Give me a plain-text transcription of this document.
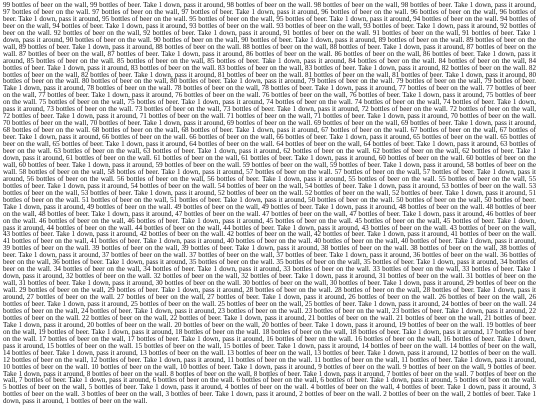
99 bottles of beer on the wall, 99 bottles of beer. Take 1 down, pass it around, 98 bottles of beer on the wall. 98 bottles of beer on the wall, 98 bottles of beer. Take 1 down, pass it around, 97 bottles of beer on the wall. 97 bottles of beer on the wall, 97 bottles of beer. Take 1 down, pass it around, 96 bottles of beer on the wall. 96 bottles of beer on the wall, 96 bottles of beer. Take 1 down, pass it around, 95 bottles of beer on the wall. 95 bottles of beer on the wall, 95 bottles of beer. Take 1 down, pass it around, 94 bottles of beer on the wall. 94 bottles of beer on the wall, 94 bottles of beer. Take 1 down, pass it around, 93 bottles of beer on the wall. 93 bottles of beer on the wall, 93 bottles of beer. Take 1 down, pass it around, 92 bottles of beer on the wall. 92 bottles of beer on the wall, 92 bottles of beer. Take 1 down, pass it around, 91 bottles of beer on the wall. 91 bottles of beer on the wall, 91 bottles of beer. Take 1 down, pass it around, 90 bottles of beer on the wall. 90 bottles of beer on the wall, 90 bottles of beer. Take 1 down, pass it around, 89 bottles of beer on the wall. 89 bottles of beer on the wall, 89 bottles of beer. Take 1 down, pass it around, 88 bottles of beer on the wall. 88 bottles of beer on the wall, 88 bottles of beer. Take 1 down, pass it around, 87 bottles of beer on the wall. 87 bottles of beer on the wall, 87 bottles of beer. Take 1 down, pass it around, 86 bottles of beer on the wall. 86 bottles of beer on the wall, 86 bottles of beer. Take 1 down, pass it around, 85 bottles of beer on the wall. 85 bottles of beer on the wall, 85 bottles of beer. Take 1 down, pass it around, 84 bottles of beer on the wall. 84 bottles of beer on the wall, 84 bottles of beer. Take 1 down, pass it around, 83 bottles of beer on the wall. 83 bottles of beer on the wall, 83 bottles of beer. Take 1 down, pass it around, 82 bottles of beer on the wall. 82 bottles of beer on the wall, 82 bottles of beer. Take 1 down, pass it around, 81 bottles of beer on the wall. 81 bottles of beer on the wall, 81 bottles of beer. Take 1 down, pass it around, 80 bottles of beer on the wall. 80 bottles of beer on the wall, 80 bottles of beer. Take 1 down, pass it around, 79 bottles of beer on the wall. 79 bottles of beer on the wall, 79 bottles of beer. Take 1 down, pass it around, 78 bottles of beer on the wall. 78 bottles of beer on the wall, 78 bottles of beer. Take 1 down, pass it around, 77 bottles of beer on the wall. 77 bottles of beer on the wall, 77 bottles of beer. Take 1 down, pass it around, 76 bottles of beer on the wall. 76 bottles of beer on the wall, 76 bottles of beer. Take 1 down, pass it around, 75 bottles of beer on the wall. 75 bottles of beer on the wall, 75 bottles of beer. Take 1 down, pass it around, 74 bottles of beer on the wall. 74 bottles of beer on the wall, 74 bottles of beer. Take 1 down, pass it around, 73 bottles of beer on the wall. 73 bottles of beer on the wall, 73 bottles of beer. Take 1 down, pass it around, 72 bottles of beer on the wall. 72 bottles of beer on the wall, 72 bottles of beer. Take 1 down, pass it around, 71 bottles of beer on the wall. 71 bottles of beer on the wall, 71 bottles of beer. Take 1 down, pass it around, 70 bottles of beer on the wall. 70 bottles of beer on the wall, 70 bottles of beer. Take 1 down, pass it around, 69 bottles of beer on the wall. 69 bottles of beer on the wall, 69 bottles of beer. Take 1 down, pass it around, 68 bottles of beer on the wall. 68 bottles of beer on the wall, 68 bottles of beer. Take 1 down, pass it around, 67 bottles of beer on the wall. 67 bottles of beer on the wall, 67 bottles of beer. Take 1 down, pass it around, 66 bottles of beer on the wall. 66 bottles of beer on the wall, 66 bottles of beer. Take 1 down, pass it around, 65 bottles of beer on the wall. 65 bottles of beer on the wall, 65 bottles of beer. Take 1 down, pass it around, 64 bottles of beer on the wall. 64 bottles of beer on the wall, 64 bottles of beer. Take 1 down, pass it around, 63 bottles of beer on the wall. 63 bottles of beer on the wall, 63 bottles of beer. Take 1 down, pass it around, 62 bottles of beer on the wall. 62 bottles of beer on the wall, 62 bottles of beer. Take 1 down, pass it around, 61 bottles of beer on the wall. 61 bottles of beer on the wall, 61 bottles of beer. Take 1 down, pass it around, 60 bottles of beer on the wall. 60 bottles of beer on the wall, 60 bottles of beer. Take 1 down, pass it around, 59 bottles of beer on the wall. 59 bottles of beer on the wall, 59 bottles of beer. Take 1 down, pass it around, 58 bottles of beer on the wall. 58 bottles of beer on the wall, 58 bottles of beer. Take 1 down, pass it around, 57 bottles of beer on the wall. 57 bottles of beer on the wall, 57 bottles of beer. Take 1 down, pass it around, 56 bottles of beer on the wall. 56 bottles of beer on the wall, 56 bottles of beer. Take 1 down, pass it around, 55 bottles of beer on the wall. 55 bottles of beer on the wall, 55 bottles of beer. Take 1 down, pass it around, 54 bottles of beer on the wall. 54 bottles of beer on the wall, 54 bottles of beer. Take 1 down, pass it around, 53 bottles of beer on the wall. 53 bottles of beer on the wall, 53 bottles of beer. Take 1 down, pass it around, 52 bottles of beer on the wall. 52 bottles of beer on the wall, 52 bottles of beer. Take 1 down, pass it around, 51 bottles of beer on the wall. 51 bottles of beer on the wall, 51 bottles of beer. Take 1 down, pass it around, 50 bottles of beer on the wall. 50 bottles of beer on the wall, 50 bottles of beer. Take 1 down, pass it around, 49 bottles of beer on the wall. 49 bottles of beer on the wall, 49 bottles of beer. Take 1 down, pass it around, 48 bottles of beer on the wall. 48 bottles of beer on the wall, 48 bottles of beer. Take 1 down, pass it around, 47 bottles of beer on the wall. 47 bottles of beer on the wall, 47 bottles of beer. Take 1 down, pass it around, 46 bottles of beer on the wall. 46 bottles of beer on the wall, 46 bottles of beer. Take 1 down, pass it around, 45 bottles of beer on the wall. 45 bottles of beer on the wall, 45 bottles of beer. Take 1 down, pass it around, 44 bottles of beer on the wall. 44 bottles of beer on the wall, 44 bottles of beer. Take 1 down, pass it around, 43 bottles of beer on the wall. 43 bottles of beer on the wall, 43 bottles of beer. Take 1 down, pass it around, 42 bottles of beer on the wall. 42 bottles of beer on the wall, 42 bottles of beer. Take 1 down, pass it around, 41 bottles of beer on the wall. 41 bottles of beer on the wall, 41 bottles of beer. Take 1 down, pass it around, 40 bottles of beer on the wall. 40 bottles of beer on the wall, 40 bottles of beer. Take 1 down, pass it around, 39 bottles of beer on the wall. 39 bottles of beer on the wall, 39 bottles of beer. Take 1 down, pass it around, 38 bottles of beer on the wall. 38 bottles of beer on the wall, 38 bottles of beer. Take 1 down, pass it around, 37 bottles of beer on the wall. 37 bottles of beer on the wall, 37 bottles of beer. Take 1 down, pass it around, 36 bottles of beer on the wall. 36 bottles of beer on the wall, 36 bottles of beer. Take 1 down, pass it around, 35 bottles of beer on the wall. 35 bottles of beer on the wall, 35 bottles of beer. Take 1 down, pass it around, 34 bottles of beer on the wall. 34 bottles of beer on the wall, 34 bottles of beer. Take 1 down, pass it around, 33 bottles of beer on the wall. 33 bottles of beer on the wall, 33 bottles of beer. Take 1 down, pass it around, 32 bottles of beer on the wall. 32 bottles of beer on the wall, 32 bottles of beer. Take 1 down, pass it around, 31 bottles of beer on the wall. 31 bottles of beer on the wall, 31 bottles of beer. Take 1 down, pass it around, 30 bottles of beer on the wall. 30 bottles of beer on the wall, 30 bottles of beer. Take 1 down, pass it around, 29 bottles of beer on the wall. 29 bottles of beer on the wall, 29 bottles of beer. Take 1 down, pass it around, 28 bottles of beer on the wall. 28 bottles of beer on the wall, 28 bottles of beer. Take 1 down, pass it around, 27 bottles of beer on the wall. 27 bottles of beer on the wall, 27 bottles of beer. Take 1 down, pass it around, 26 bottles of beer on the wall. 26 bottles of beer on the wall, 26 bottles of beer. Take 1 down, pass it around, 25 bottles of beer on the wall. 25 bottles of beer on the wall, 25 bottles of beer. Take 1 down, pass it around, 24 bottles of beer on the wall. 24 bottles of beer on the wall, 24 bottles of beer. Take 1 down, pass it around, 23 bottles of beer on the wall. 23 bottles of beer on the wall, 23 bottles of beer. Take 1 down, pass it around, 22 bottles of beer on the wall. 22 bottles of beer on the wall, 22 bottles of beer. Take 1 down, pass it around, 21 bottles of beer on the wall. 21 bottles of beer on the wall, 21 bottles of beer. Take 1 down, pass it around, 20 bottles of beer on the wall. 20 bottles of beer on the wall, 20 bottles of beer. Take 1 down, pass it around, 19 bottles of beer on the wall. 19 bottles of beer on the wall, 19 bottles of beer. Take 1 down, pass it around, 18 bottles of beer on the wall. 18 bottles of beer on the wall, 18 bottles of beer. Take 1 down, pass it around, 17 bottles of beer on the wall. 17 bottles of beer on the wall, 17 bottles of beer. Take 1 down, pass it around, 16 bottles of beer on the wall. 16 bottles of beer on the wall, 16 bottles of beer. Take 1 down, pass it around, 15 bottles of beer on the wall. 15 bottles of beer on the wall, 15 bottles of beer. Take 1 down, pass it around, 14 bottles of beer on the wall. 14 bottles of beer on the wall, 14 bottles of beer. Take 1 down, pass it around, 13 bottles of beer on the wall. 13 bottles of beer on the wall, 13 bottles of beer. Take 1 down, pass it around, 12 bottles of beer on the wall. 12 bottles of beer on the wall, 12 bottles of beer. Take 1 down, pass it around, 11 bottles of beer on the wall. 11 bottles of beer on the wall, 11 bottles of beer. Take 1 down, pass it around, 10 bottles of beer on the wall. 10 bottles of beer on the wall, 10 bottles of beer. Take 1 down, pass it around, 9 bottles of beer on the wall. 9 bottles of beer on the wall, 9 bottles of beer. Take 1 down, pass it around, 8 bottles of beer on the wall. 8 bottles of beer on the wall, 8 bottles of beer. Take 1 down, pass it around, 7 bottles of beer on the wall. 7 bottles of beer on the wall, 7 bottles of beer. Take 1 down, pass it around, 6 bottles of beer on the wall. 6 bottles of beer on the wall, 6 bottles of beer. Take 1 down, pass it around, 5 bottles of beer on the wall. 5 bottles of beer on the wall, 5 bottles of beer. Take 1 down, pass it around, 4 bottles of beer on the wall. 4 bottles of beer on the wall, 4 bottles of beer. Take 1 down, pass it around, 3 bottles of beer on the wall. 3 bottles of beer on the wall, 3 bottles of beer. Take 1 down, pass it around, 2 bottles of beer on the wall. 2 bottles of beer on the wall, 2 bottles of beer. Take 1 down, pass it around, 1 bottles of beer on the wall.
